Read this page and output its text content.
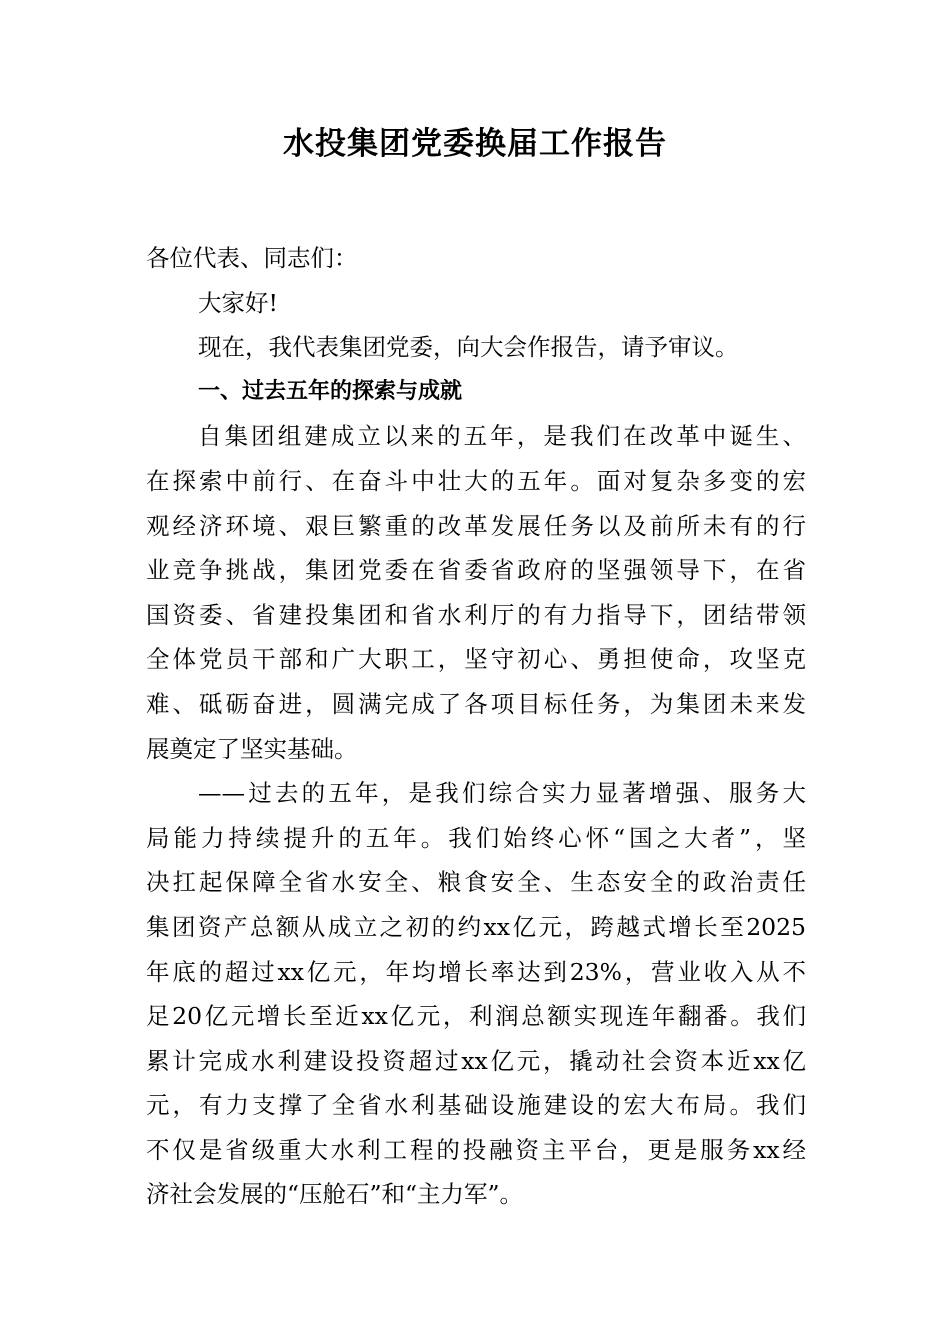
水投集团党委换届工作报告
各位代表、同志们：
大家好!
现在，我代表集团党委，向大会作报告，请予审议。
一、过去五年的探索与成就
自集团组建成立以来的五年，是我们在改革中诞生、
在探索中前行、在奋斗中壮大的五年。面对复杂多变的宏
观经济环境、艰巨繁重的改革发展任务以及前所未有的行
业竞争挑战，集团党委在省委省政府的坚强领导下，在省
国资委、省建投集团和省水利厅的有力指导下，团结带领
全体党员干部和广大职工，坚守初心、勇担使命，攻坚克
难、砥砺奋进，圆满完成了各项目标任务，为集团未来发
展奠定了坚实基础。
——过去的五年，是我们综合实力显著增强、服务大
局能力持续提升的五年。我们始终心怀“国之大者”，坚
决扛起保障全省水安全、粮食安全、生态安全的政治责任
集团资产总额从成立之初的约xx亿元，跨越式增长至2025
年底的超过xx亿元，年均增长率达到23%，营业收入从不
足20亿元增长至近xx亿元，利润总额实现连年翻番。我们
累计完成水利建设投资超过xx亿元，撬动社会资本近xx亿
元，有力支撑了全省水利基础设施建设的宏大布局。我们
不仅是省级重大水利工程的投融资主平台，更是服务xx经
济社会发展的“压舱石”和“主力军”。
